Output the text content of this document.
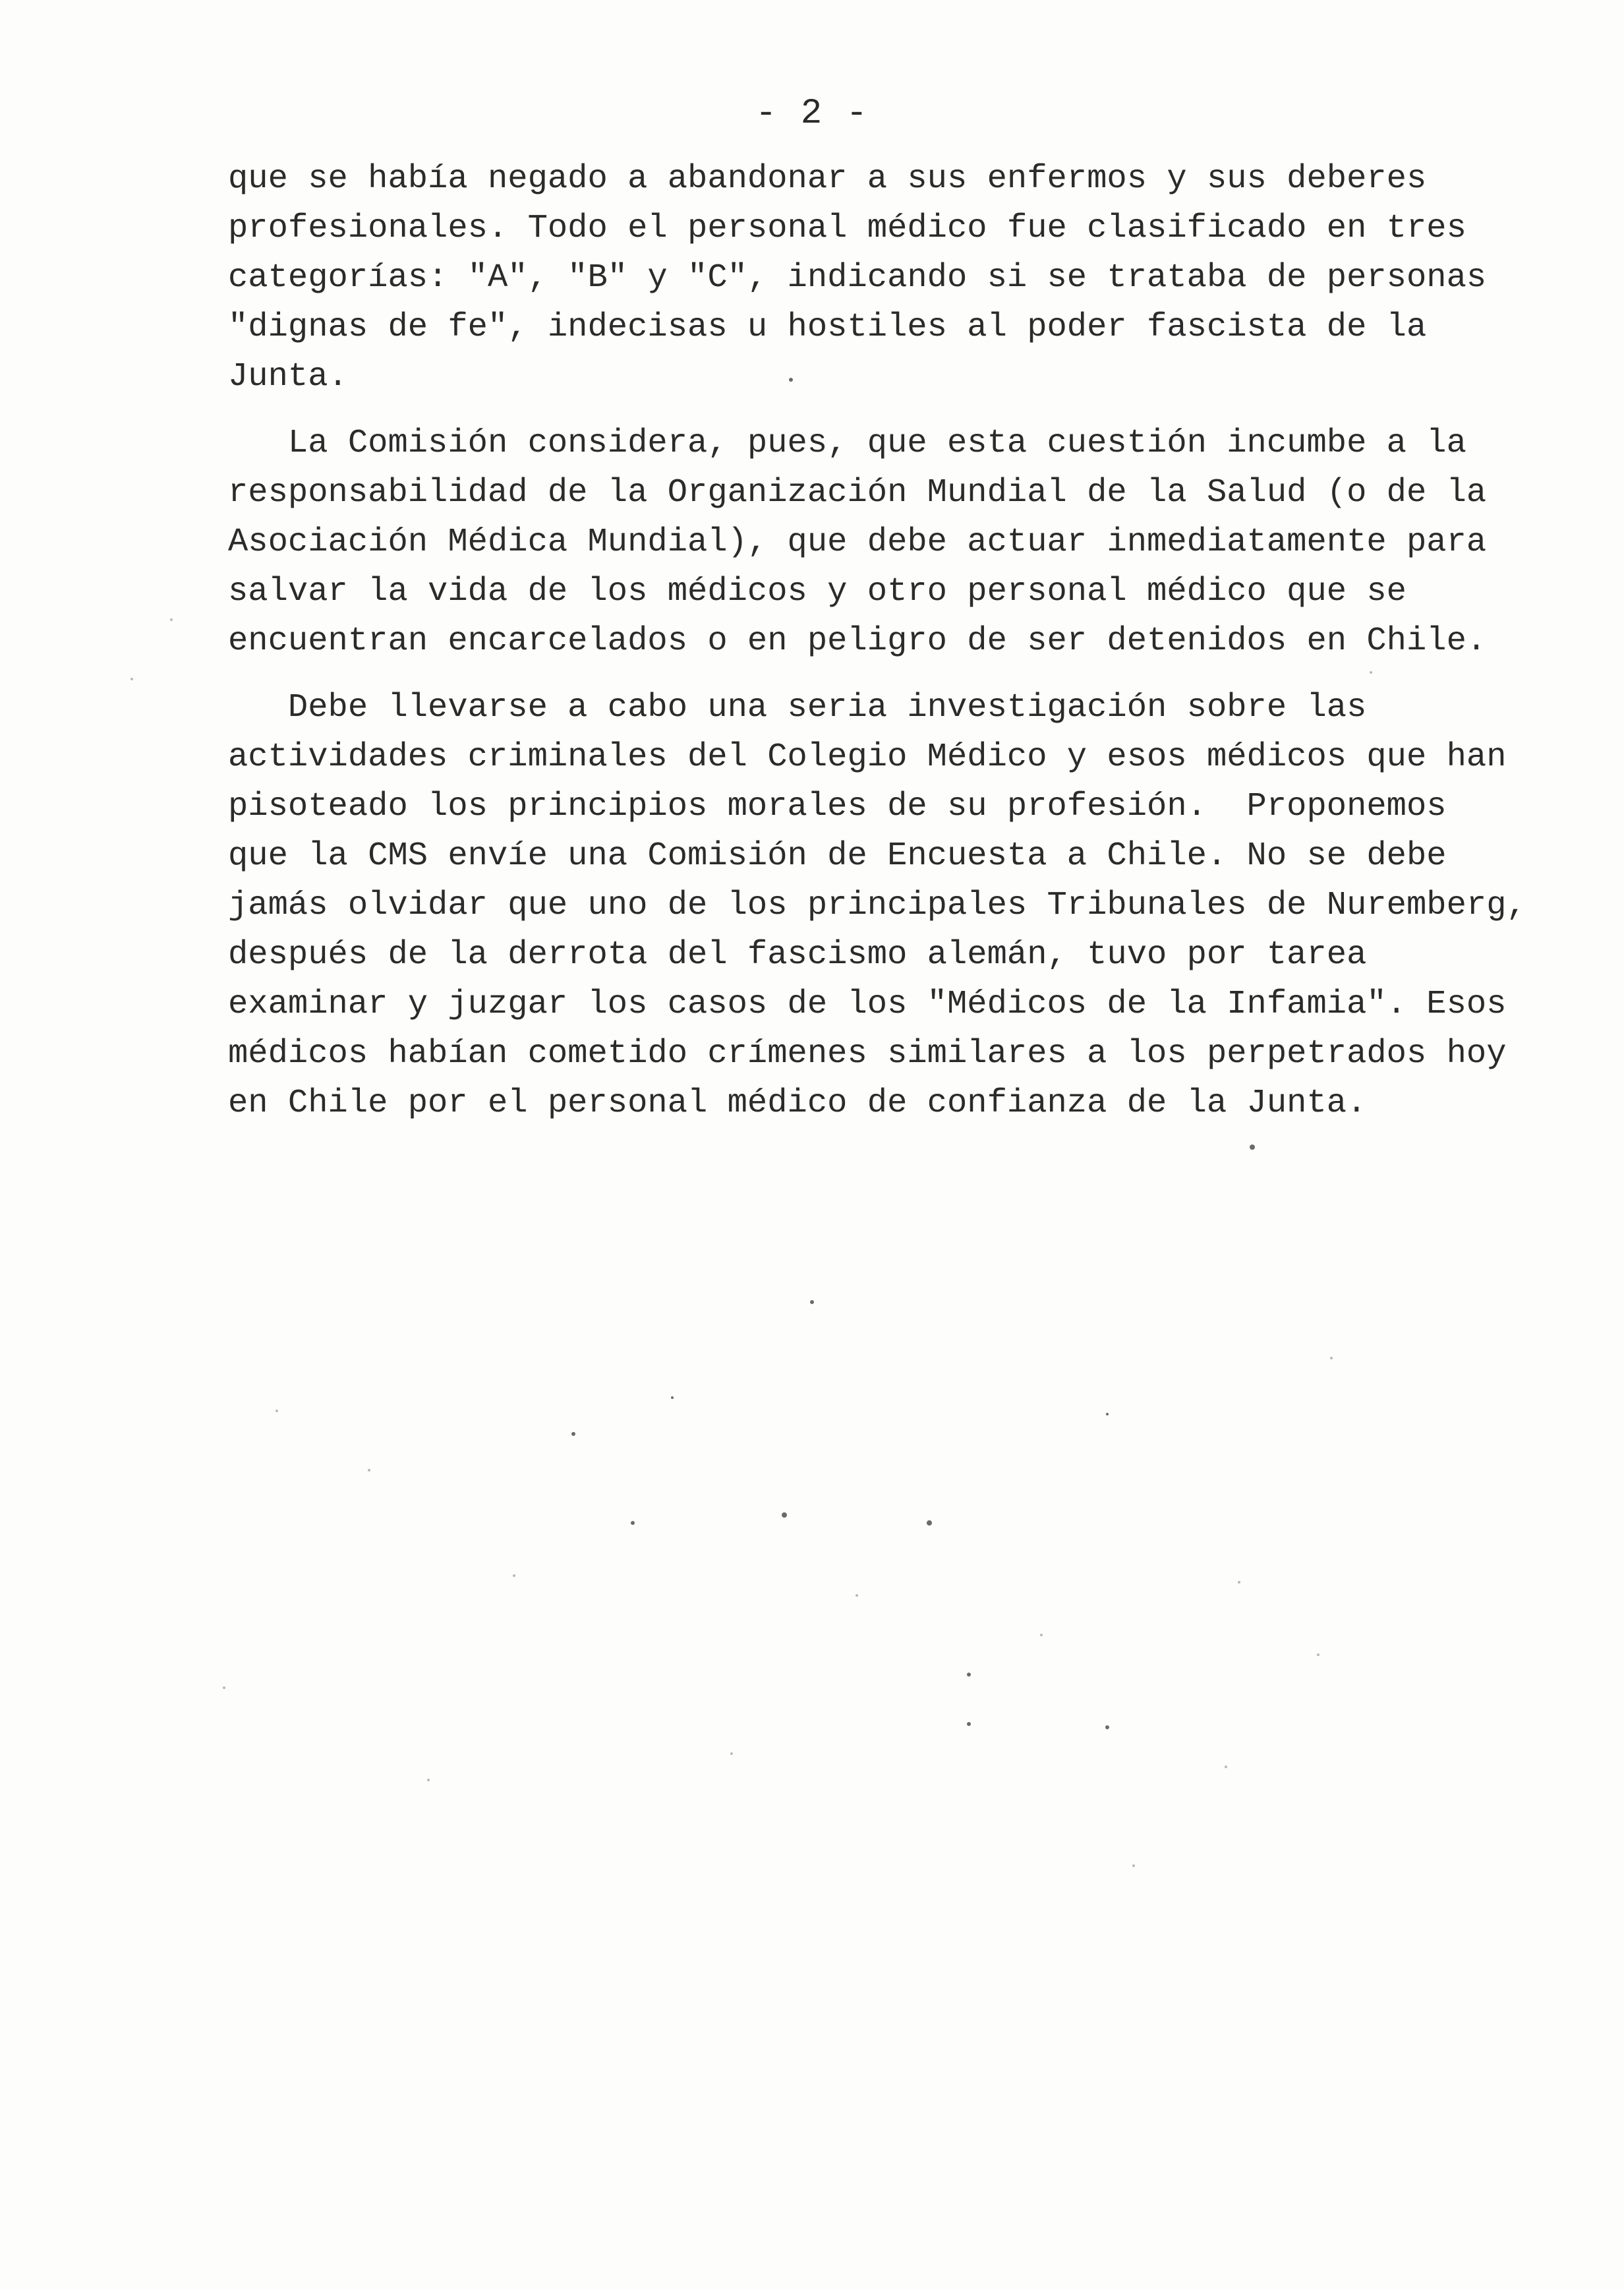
- 2 -
que se había negado a abandonar a sus enfermos y sus deberes
profesionales. Todo el personal médico fue clasificado en tres
categorías: "A", "B" y "C", indicando si se trataba de personas
"dignas de fe", indecisas u hostiles al poder fascista de la
Junta.
La Comisión considera, pues, que esta cuestión incumbe a la
responsabilidad de la Organización Mundial de la Salud (o de la
Asociación Médica Mundial), que debe actuar inmediatamente para
salvar la vida de los médicos y otro personal médico que se
encuentran encarcelados o en peligro de ser detenidos en Chile.
Debe llevarse a cabo una seria investigación sobre las
actividades criminales del Colegio Médico y esos médicos que han
pisoteado los principios morales de su profesión.  Proponemos
que la CMS envíe una Comisión de Encuesta a Chile. No se debe
jamás olvidar que uno de los principales Tribunales de Nuremberg,
después de la derrota del fascismo alemán, tuvo por tarea
examinar y juzgar los casos de los "Médicos de la Infamia". Esos
médicos habían cometido crímenes similares a los perpetrados hoy
en Chile por el personal médico de confianza de la Junta.
